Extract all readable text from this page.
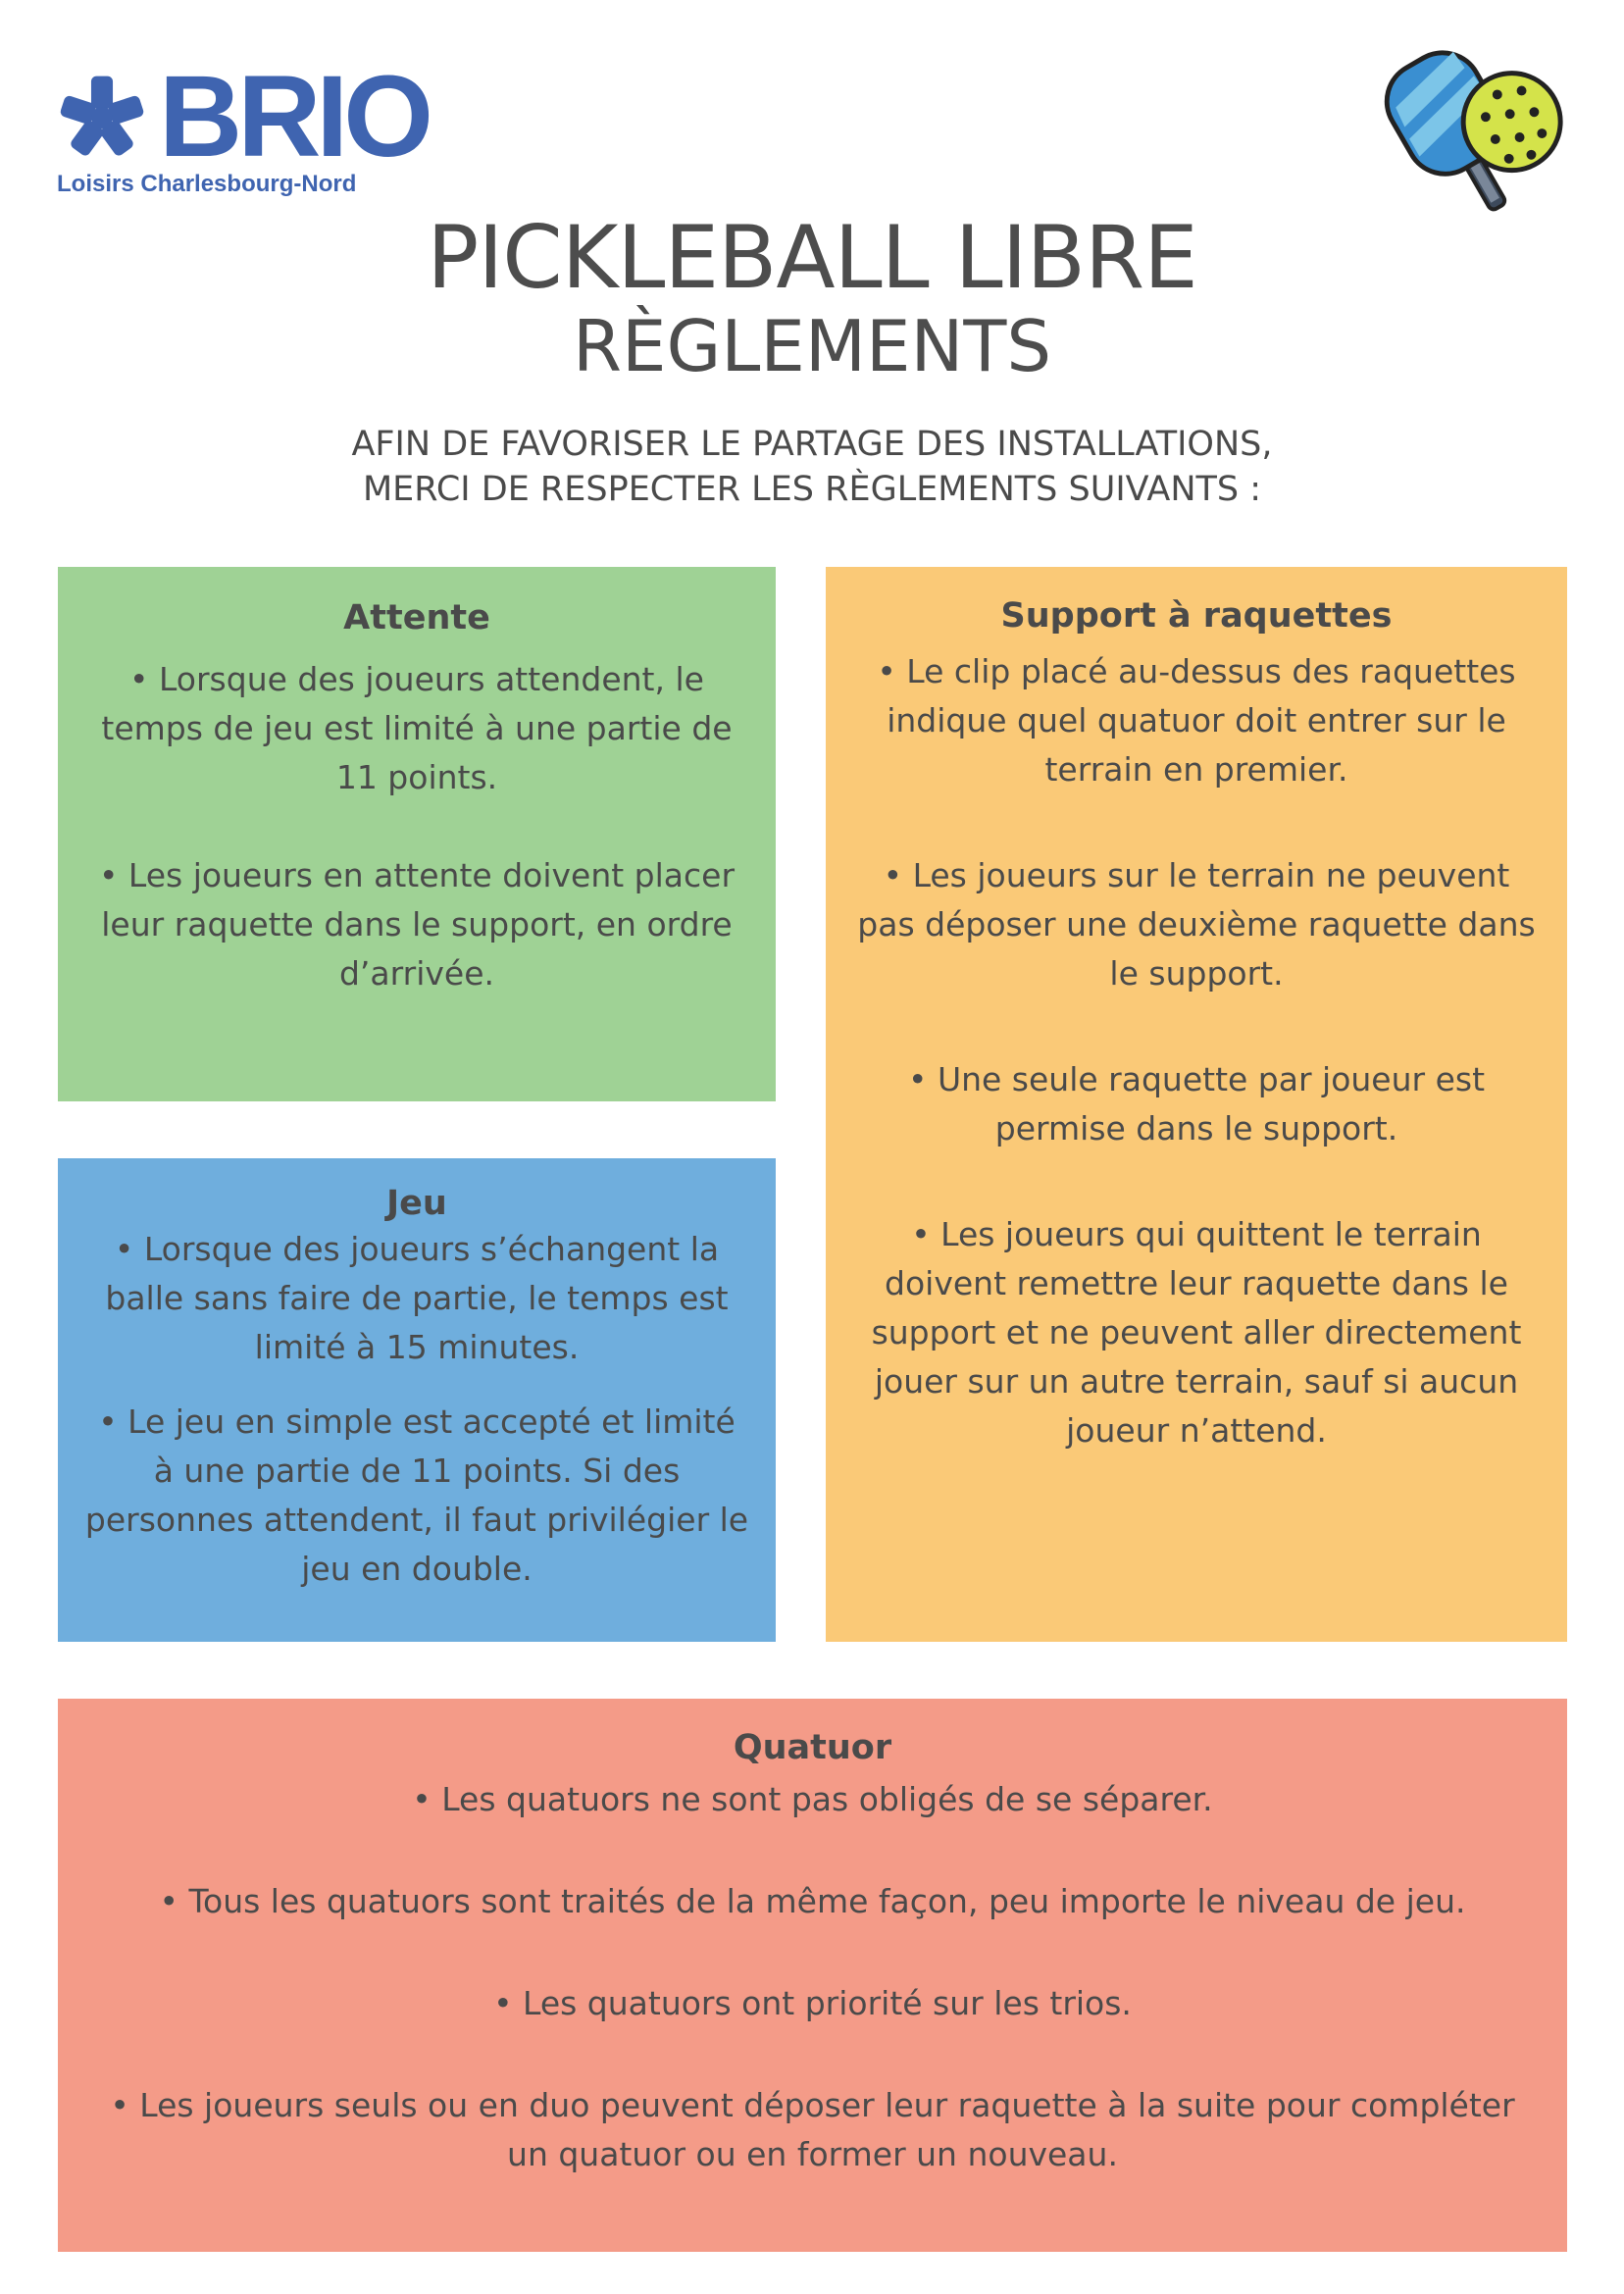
BRIO
Loisirs Charlesbourg-Nord
PICKLEBALL LIBRE
RÈGLEMENTS
AFIN DE FAVORISER LE PARTAGE DES INSTALLATIONS,
MERCI DE RESPECTER LES RÈGLEMENTS SUIVANTS :
Attente

• Lorsque des joueurs attendent, le temps de jeu est limité à une partie de 11 points.

• Les joueurs en attente doivent placer leur raquette dans le support, en ordre d’arrivée.

Jeu

• Lorsque des joueurs s’échangent la balle sans faire de partie, le temps est limité à 15 minutes.

• Le jeu en simple est accepté et limité à une partie de 11 points. Si des personnes attendent, il faut privilégier le jeu en double.

Support à raquettes

• Le clip placé au-dessus des raquettes indique quel quatuor doit entrer sur le terrain en premier.

• Les joueurs sur le terrain ne peuvent pas déposer une deuxième raquette dans le support.

• Une seule raquette par joueur est permise dans le support.

• Les joueurs qui quittent le terrain doivent remettre leur raquette dans le support et ne peuvent aller directement jouer sur un autre terrain, sauf si aucun joueur n’attend.

Quatuor

• Les quatuors ne sont pas obligés de se séparer.

• Tous les quatuors sont traités de la même façon, peu importe le niveau de jeu.

• Les quatuors ont priorité sur les trios.

• Les joueurs seuls ou en duo peuvent déposer leur raquette à la suite pour compléter un quatuor ou en former un nouveau.
